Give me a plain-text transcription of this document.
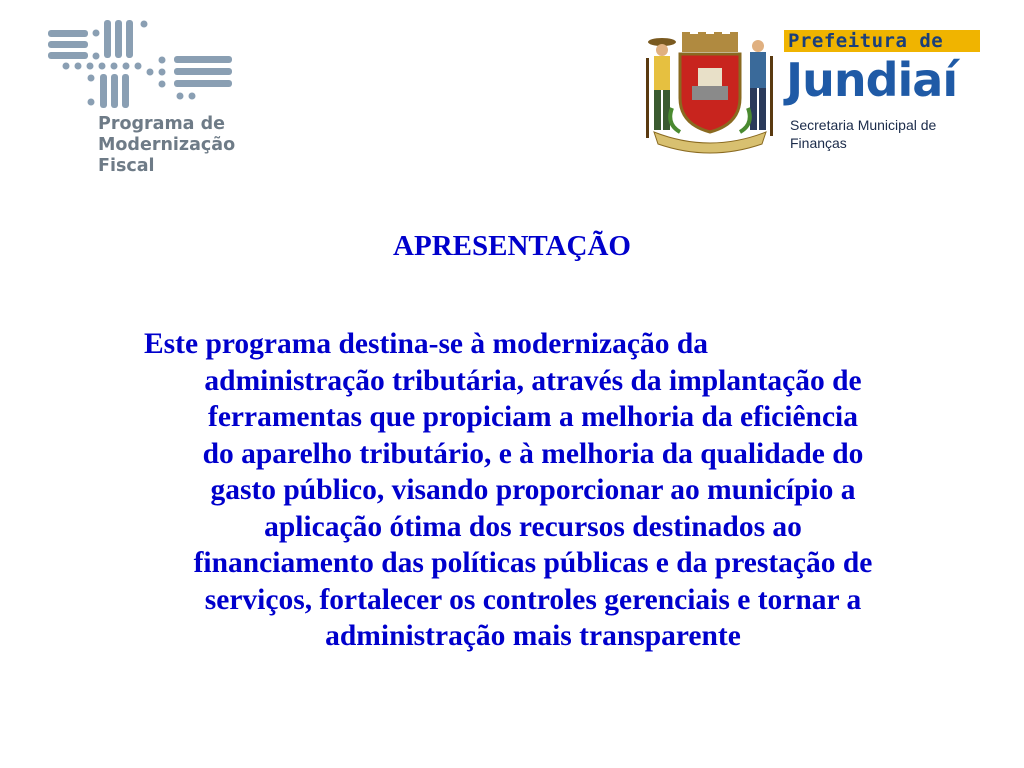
Programa de
Modernização
Fiscal
Prefeitura de
Jundiaí
Secretaria Municipal de
Finanças
APRESENTAÇÃO
Este programa destina-se à modernização da
administração tributária, através da implantação de
ferramentas que propiciam a melhoria da eficiência
do aparelho tributário, e à melhoria da qualidade do
gasto público, visando proporcionar ao município a
aplicação ótima dos recursos destinados ao
financiamento das políticas públicas e da prestação de
serviços, fortalecer os controles gerenciais e tornar a
administração mais transparente
